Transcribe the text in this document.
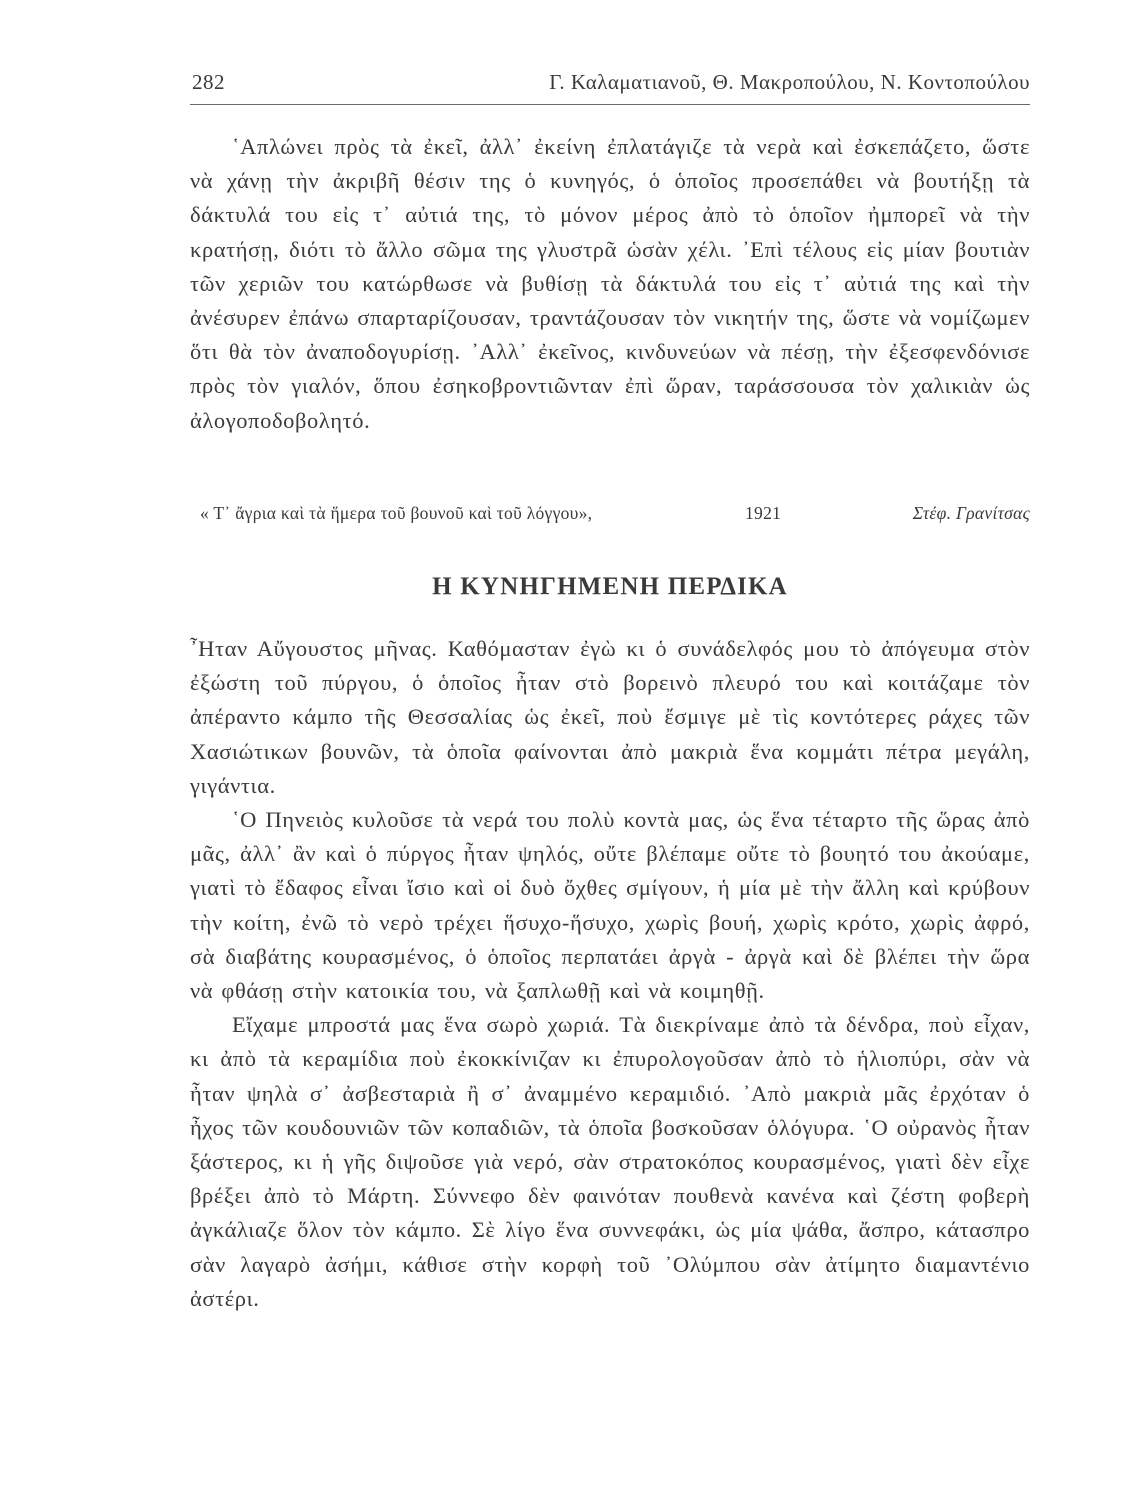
282	Γ. Καλαματιανοῦ, Θ. Μακροπούλου, Ν. Κοντοπούλου

῾Απλώνει πρὸς τὰ ἐκεῖ, ἀλλ᾽ ἐκείνη ἐπλατάγιζε τὰ νερὰ καὶ ἐσκεπάζετο, ὥστε νὰ χάνῃ τὴν ἀκριβῆ θέσιν της ὁ κυνηγός, ὁ ὁποῖος προσεπάθει νὰ βουτήξῃ τὰ δάκτυλά του εἰς τ᾽ αὐτιά της, τὸ μόνον μέρος ἀπὸ τὸ ὁποῖον ἠμπορεῖ νὰ τὴν κρατήσῃ, διότι τὸ ἄλλο σῶμα της γλυστρᾶ ὡσὰν χέλι. ᾽Επὶ τέλους εἰς μίαν βουτιὰν τῶν χεριῶν του κατώρθωσε νὰ βυθίσῃ τὰ δάκτυλά του εἰς τ᾽ αὐτιά της καὶ τὴν ἀνέσυρεν ἐπάνω σπαρταρίζουσαν, τραντάζουσαν τὸν νικητήν της, ὥστε νὰ νομίζωμεν ὅτι θὰ τὸν ἀναποδογυρίσῃ. ᾽Αλλ᾽ ἐκεῖνος, κινδυνεύων νὰ πέσῃ, τὴν ἐξεσφενδόνισε πρὸς τὸν γιαλόν, ὅπου ἐσηκοβροντιῶνταν ἐπὶ ὥραν, ταράσσουσα τὸν χαλικιὰν ὡς ἀλογοποδοβολητό.

« Τ᾽ ἄγρια καὶ τὰ ἥμερα τοῦ βουνοῦ καὶ τοῦ λόγγου»,	1921	Στέφ. Γρανίτσας
Η ΚΥΝΗΓΗΜΕΝΗ ΠΕΡΔΙΚΑ

῏Ηταν Αὔγουστος μῆνας. Καθόμασταν ἐγὼ κι ὁ συνάδελφός μου τὸ ἀπόγευμα στὸν ἐξώστη τοῦ πύργου, ὁ ὁποῖος ἦταν στὸ βορεινὸ πλευρό του καὶ κοιτάζαμε τὸν ἀπέραντο κάμπο τῆς Θεσσαλίας ὡς ἐκεῖ, ποὺ ἔσμιγε μὲ τὶς κοντότερες ράχες τῶν Χασιώτικων βουνῶν, τὰ ὁποῖα φαίνονται ἀπὸ μακριὰ ἕνα κομμάτι πέτρα μεγάλη, γιγάντια.

῾Ο Πηνειὸς κυλοῦσε τὰ νερά του πολὺ κοντὰ μας, ὡς ἕνα τέταρτο τῆς ὥρας ἀπὸ μᾶς, ἀλλ᾽ ἂν καὶ ὁ πύργος ἦταν ψηλός, οὔτε βλέπαμε οὔτε τὸ βουητό του ἀκούαμε, γιατὶ τὸ ἔδαφος εἶναι ἴσιο καὶ οἱ δυὸ ὄχθες σμίγουν, ἡ μία μὲ τὴν ἄλλη καὶ κρύβουν τὴν κοίτη, ἐνῶ τὸ νερὸ τρέχει ἥσυχο-ἥσυχο, χωρὶς βουή, χωρὶς κρότο, χωρὶς ἀφρό, σὰ διαβάτης κουρασμένος, ὁ ὁποῖος περπατάει ἀργὰ - ἀργὰ καὶ δὲ βλέπει τὴν ὥρα νὰ φθάσῃ στὴν κατοικία του, νὰ ξαπλωθῇ καὶ νὰ κοιμηθῇ.

Εἴχαμε μπροστά μας ἕνα σωρὸ χωριά. Τὰ διεκρίναμε ἀπὸ τὰ δένδρα, ποὺ εἶχαν, κι ἀπὸ τὰ κεραμίδια ποὺ ἐκοκκίνιζαν κι ἐπυρολογοῦσαν ἀπὸ τὸ ἡλιοπύρι, σὰν νὰ ἦταν ψηλὰ σ᾽ ἀσβεσταριὰ ἢ σ᾽ ἀναμμένο κεραμιδιό. ᾽Απὸ μακριὰ μᾶς ἐρχόταν ὁ ἦχος τῶν κουδουνιῶν τῶν κοπαδιῶν, τὰ ὁποῖα βοσκοῦσαν ὁλόγυρα. ῾Ο οὐρανὸς ἦταν ξάστερος, κι ἡ γῆς διψοῦσε γιὰ νερό, σὰν στρατοκόπος κουρασμένος, γιατὶ δὲν εἶχε βρέξει ἀπὸ τὸ Μάρτη. Σύννεφο δὲν φαινόταν πουθενὰ κανένα καὶ ζέστη φοβερὴ ἀγκάλιαζε ὅλον τὸν κάμπο. Σὲ λίγο ἕνα συννεφάκι, ὡς μία ψάθα, ἄσπρο, κάτασπρο σὰν λαγαρὸ ἀσήμι, κάθισε στὴν κορφὴ τοῦ ᾽Ολύμπου σὰν ἀτίμητο διαμαντένιο ἀστέρι.
